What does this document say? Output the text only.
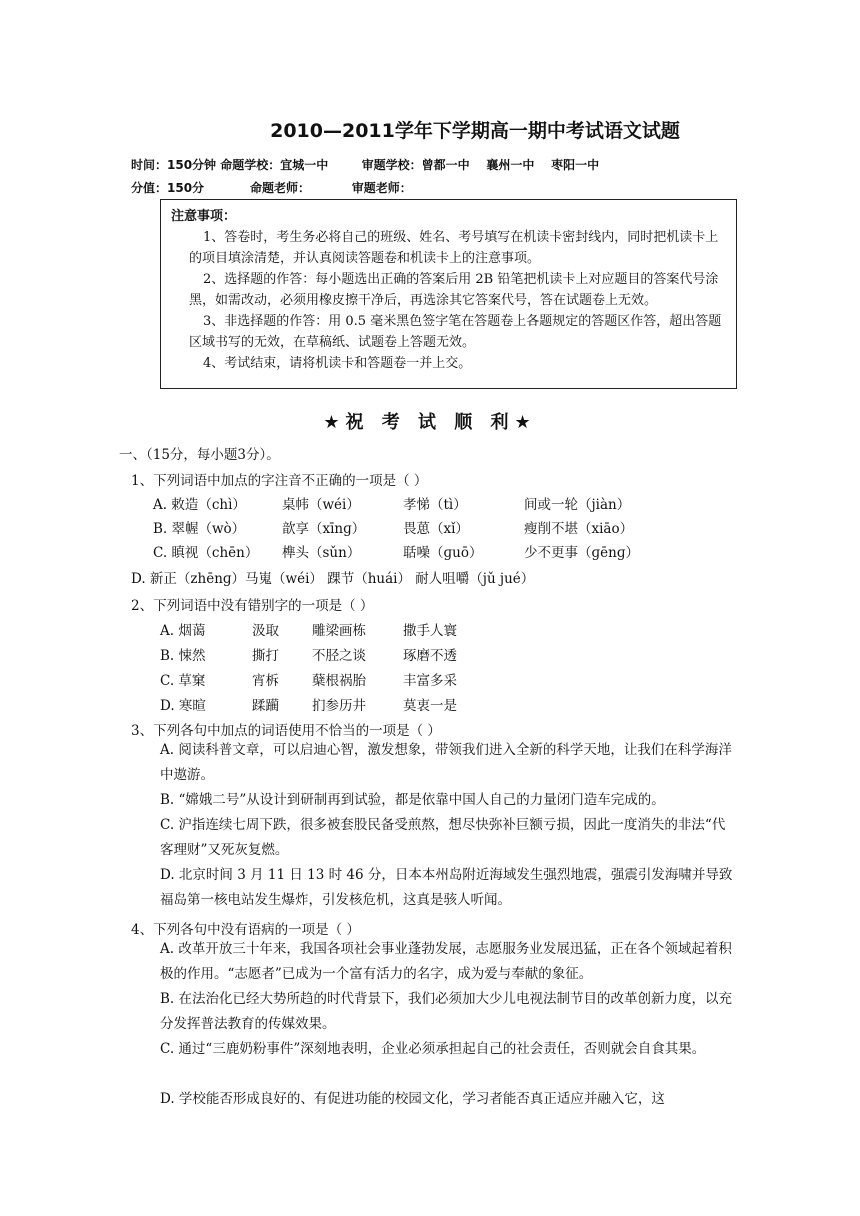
2010—2011学年下学期高一期中考试语文试题
时间：150分钟 命题学校：宜城一中        审题学校：曾都一中    襄州一中    枣阳一中
分值：150分           命题老师：          审题老师：
注意事项：
1、答卷时，考生务必将自己的班级、姓名、考号填写在机读卡密封线内，同时把机读卡上的项目填涂清楚，并认真阅读答题卷和机读卡上的注意事项。
2、选择题的作答：每小题选出正确的答案后用 2B 铅笔把机读卡上对应题目的答案代号涂黑，如需改动，必须用橡皮擦干净后，再选涂其它答案代号，答在试题卷上无效。
3、非选择题的作答：用 0.5 毫米黑色签字笔在答题卷上各题规定的答题区作答，超出答题区域书写的无效，在草稿纸、试题卷上答题无效。
4、考试结束，请将机读卡和答题卷一并上交。
★祝 考 试 顺 利★
一、（15分，每小题3分）。
1、下列词语中加点的字注音不正确的一项是（ ）
A. 敕造（chì）	桌帏（wéi）	孝悌（tì）	间或一轮（jiàn）
B. 翠幄（wò）	歆享（xīnɡ）	畏葸（xǐ）	瘦削不堪（xiāo）
C. 瞋视（chēn） 榫头（sǔn）	聒噪（ɡuō）	少不更事（ɡēnɡ）
D. 新正（zhēnɡ）马嵬（wéi） 踝节（huái） 耐人咀嚼（jǔ jué）
2、下列词语中没有错别字的一项是（ ）
A. 烟蔼	汲取 雕梁画栋	撒手人寰
B. 悚然	撕打 不胫之谈	琢磨不透
C. 草窠	宵柝 蘖根祸胎	丰富多采
D. 寒暄	蹂躏 扪参历井	莫衷一是
3、下列各句中加点的词语使用不恰当的一项是（ ）
A. 阅读科普文章，可以启迪心智，激发想象，带领我们进入全新的科学天地，让我们在科学海洋中遨游。
B. “嫦娥二号”从设计到研制再到试验，都是依靠中国人自己的力量闭门造车完成的。
C. 沪指连续七周下跌，很多被套股民备受煎熬，想尽快弥补巨额亏损，因此一度消失的非法“代客理财”又死灰复燃。
D. 北京时间 3 月 11 日 13 时 46 分，日本本州岛附近海域发生强烈地震，强震引发海啸并导致福岛第一核电站发生爆炸，引发核危机，这真是骇人听闻。
4、下列各句中没有语病的一项是（ ）
A. 改革开放三十年来，我国各项社会事业蓬勃发展，志愿服务业发展迅猛，正在各个领域起着积极的作用。“志愿者”已成为一个富有活力的名字，成为爱与奉献的象征。
B. 在法治化已经大势所趋的时代背景下，我们必须加大少儿电视法制节目的改革创新力度，以充分发挥普法教育的传媒效果。
C. 通过“三鹿奶粉事件”深刻地表明，企业必须承担起自己的社会责任，否则就会自食其果。
D. 学校能否形成良好的、有促进功能的校园文化，学习者能否真正适应并融入它，这
